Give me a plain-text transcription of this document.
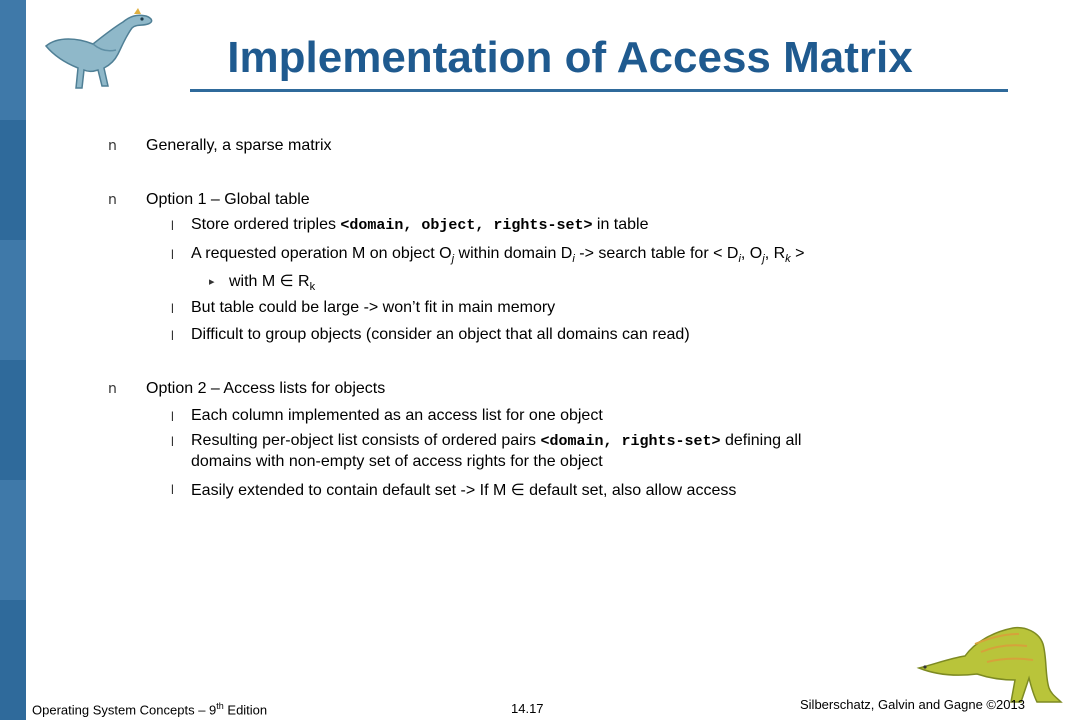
Implementation of Access Matrix
n Generally, a sparse matrix
n Option 1 – Global table
l Store ordered triples <domain, object, rights-set> in table
l A requested operation M on object $O_j$ within domain $D_i$ -> search table for < $D_i$, $O_j$, $R_k$ >
▸ with M ∈ $R_k$
l But table could be large -> won’t fit in main memory
l Difficult to group objects (consider an object that all domains can read)
n Option 2 – Access lists for objects
l Each column implemented as an access list for one object
l Resulting per-object list consists of ordered pairs <domain, rights-set> defining all
domains with non-empty set of access rights for the object
l Easily extended to contain default set -> If M ∈ default set, also allow access
Operating System Concepts – 9th Edition	14.17	Silberschatz, Galvin and Gagne ©2013
